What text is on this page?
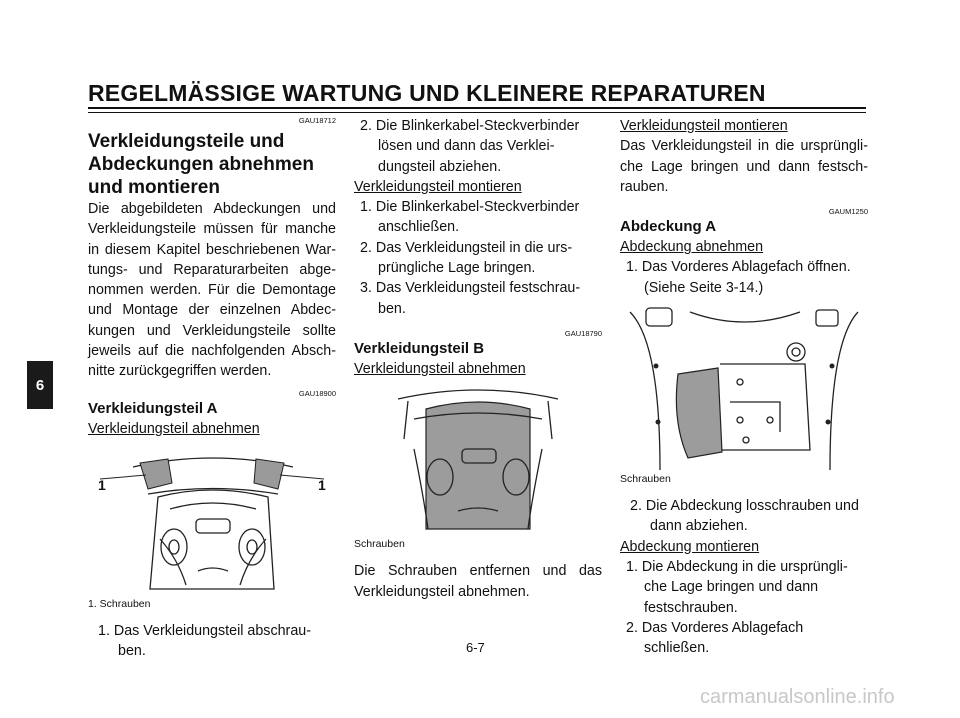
REGELMÄSSIGE WARTUNG UND KLEINERE REPARATUREN
6

GAU18712

Verkleidungsteile und Abdeckungen abnehmen und montieren

Die abgebildeten Abdeckungen und Verkleidungsteile müssen für manche in diesem Kapitel beschriebenen War-tungs- und Reparaturarbeiten abge-nommen werden. Für die Demontage und Montage der einzelnen Abdec-kungen und Verkleidungsteile sollte jeweils auf die nachfolgenden Absch-nitte zurückgegriffen werden.

GAU18900

Verkleidungsteil A

Verkleidungsteil abnehmen

1	1

1. Schrauben

1. Das Verkleidungsteil abschrau-ben.

2. Die Blinkerkabel-Steckverbinder lösen und dann das Verklei-dungsteil abziehen.

Verkleidungsteil montieren

1. Die Blinkerkabel-Steckverbinder anschließen.

2. Das Verkleidungsteil in die urs-prüngliche Lage bringen.

3. Das Verkleidungsteil festschrau-ben.

GAU18790

Verkleidungsteil B

Verkleidungsteil abnehmen

Schrauben

Die Schrauben entfernen und das Verkleidungsteil abnehmen.

Verkleidungsteil montieren

Das Verkleidungsteil in die ursprüngli-che Lage bringen und dann festsch-rauben.

GAUM1250

Abdeckung A

Abdeckung abnehmen

1. Das Vorderes Ablagefach öffnen. (Siehe Seite 3-14.)

Schrauben

2. Die Abdeckung losschrauben und dann abziehen.

Abdeckung montieren

1. Die Abdeckung in die ursprüngli-che Lage bringen und dann festschrauben.

2. Das Vorderes Ablagefach schließen.

6-7
carmanualsonline.info
